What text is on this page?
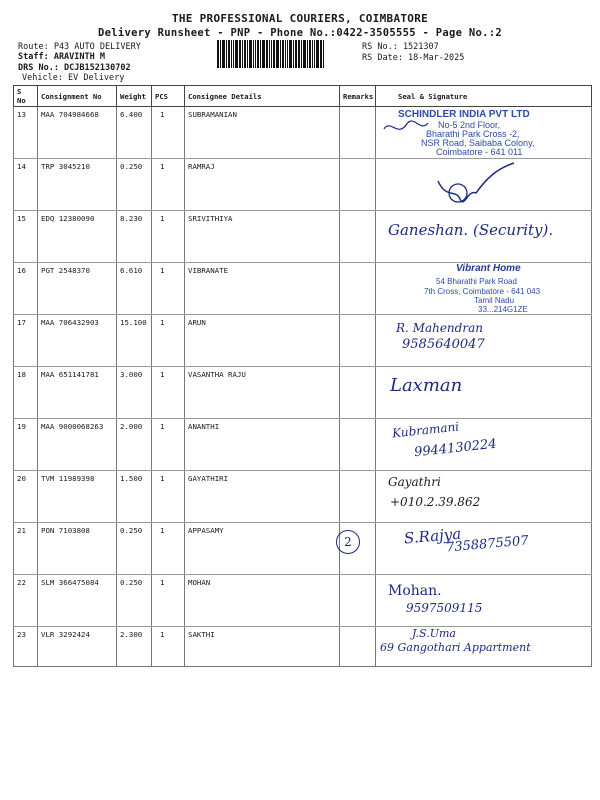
THE PROFESSIONAL COURIERS, COIMBATORE
Delivery Runsheet - PNP - Phone No.:0422-3505555 - Page No.:2
Route: P43 AUTO DELIVERY
Staff: ARAVINTH M
DRS No.: DCJB152130702
Vehicle: EV Delivery
RS No.: 1521307
RS Date: 18-Mar-2025
S No	Consignment No	Weight	PCS	Consignee Details	Remarks	Seal & Signature
13	MAA 704984668	6.400	1	SUBRAMANIAN		SCHINDLER INDIA PVT LTD
No-5 2nd Floor,
Bharathi Park Cross -2,
NSR Road, Saibaba Colony,
Coimbatore - 641 011

14	TRP 3045210	0.250	1	RAMRAJ		

15	EDQ 12380090	8.230	1	SRIVITHIYA		Ganeshan. (Security).

16	PGT 2548370	6.610	1	VIBRANATE		Vibrant Home
54 Bharathi Park Road
7th Cross, Coimbatore - 641 043
Tamil Nadu
33...214G1ZE

17	MAA 706432903	15.100	1	ARUN		R. Mahendran
9585640047

18	MAA 651141781	3.000	1	VASANTHA RAJU		Laxman

19	MAA 9000068263	2.000	1	ANANTHI		Kubramani
9944130224

20	TVM 11989398	1.500	1	GAYATHIRI		Gayathri
+010.2.39.862

21	PON 7103808	0.250	1	APPASAMY	2	S.Rajya
7358875507

22	SLM 366475084	0.250	1	MOHAN		Mohan.
9597509115

23	VLR 3292424	2.300	1	SAKTHI		J.S.Uma
69 Gangothari Appartment
